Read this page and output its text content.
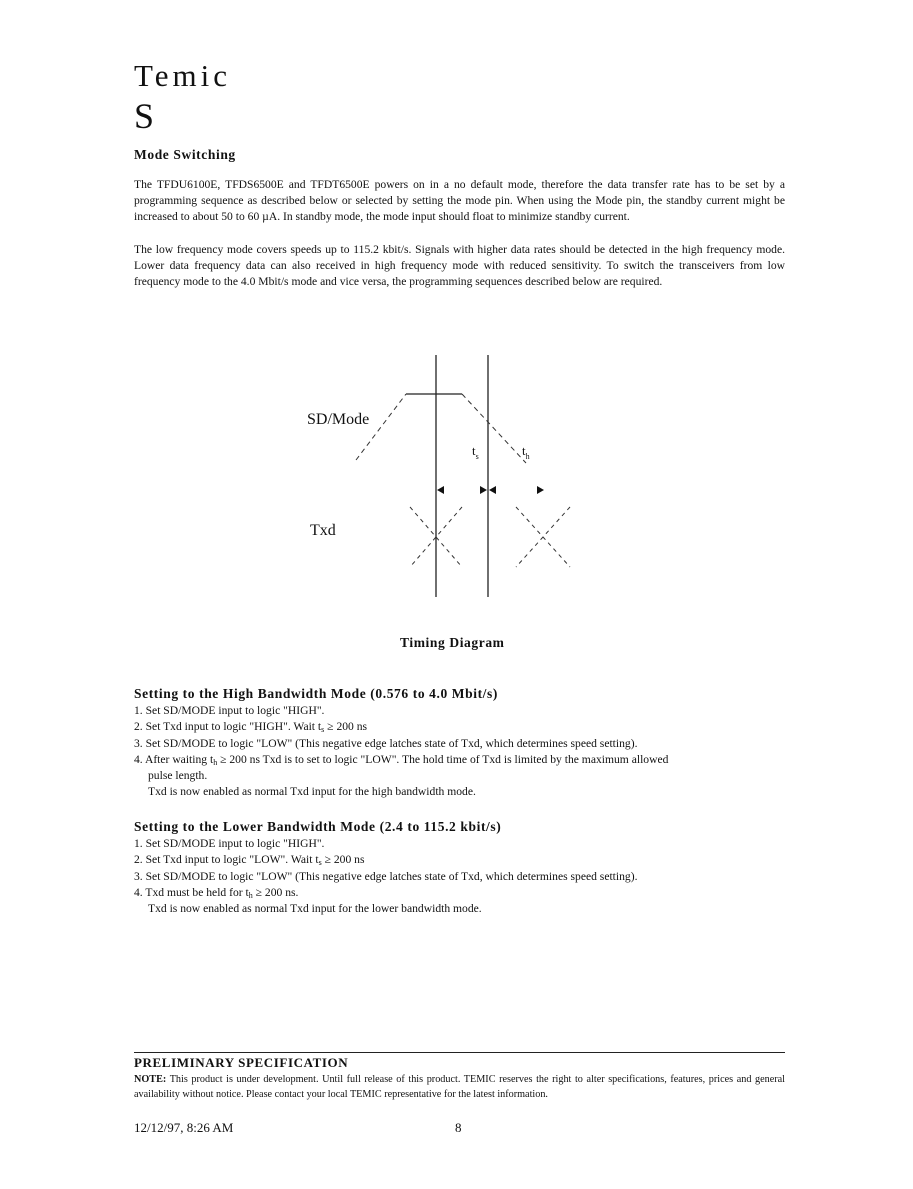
Temic
S
Mode Switching

The TFDU6100E, TFDS6500E and TFDT6500E powers on in a no default mode, therefore the data transfer rate has to be set by a programming sequence as described below or selected by setting the mode pin. When using the Mode pin, the standby current might be increased to about 50 to 60 µA. In standby mode, the mode input should float to minimize standby current.

The low frequency mode covers speeds up to 115.2 kbit/s. Signals with higher data rates should be detected in the high frequency mode. Lower data frequency data can also received in high frequency mode with reduced sensitivity. To switch the transceivers from low frequency mode to the 4.0 Mbit/s mode and vice versa, the programming sequences described below are required.

SD/Mode
$t_s$	$t_h$
Txd
Timing Diagram
Setting to the High Bandwidth Mode (0.576 to 4.0 Mbit/s)
1. Set SD/MODE input to logic "HIGH".
2. Set Txd input to logic "HIGH". Wait $t_s \ge 200$ ns
3. Set SD/MODE to logic "LOW" (This negative edge latches state of Txd, which determines speed setting).
4. After waiting $t_h \ge 200$ ns Txd is to set to logic "LOW". The hold time of Txd is limited by the maximum allowed
pulse length.
Txd is now enabled as normal Txd input for the high bandwidth mode.
Setting to the Lower Bandwidth Mode (2.4 to 115.2 kbit/s)
1. Set SD/MODE input to logic "HIGH".
2. Set Txd input to logic "LOW". Wait $t_s \ge 200$ ns
3. Set SD/MODE to logic "LOW" (This negative edge latches state of Txd, which determines speed setting).
4. Txd must be held for $t_h \ge 200$ ns.
Txd is now enabled as normal Txd input for the lower bandwidth mode.
PRELIMINARY SPECIFICATION
NOTE: This product is under development. Until full release of this product. TEMIC reserves the right to alter specifications, features, prices and general availability without notice. Please contact your local TEMIC representative for the latest information.
12/12/97, 8:26 AM	8
